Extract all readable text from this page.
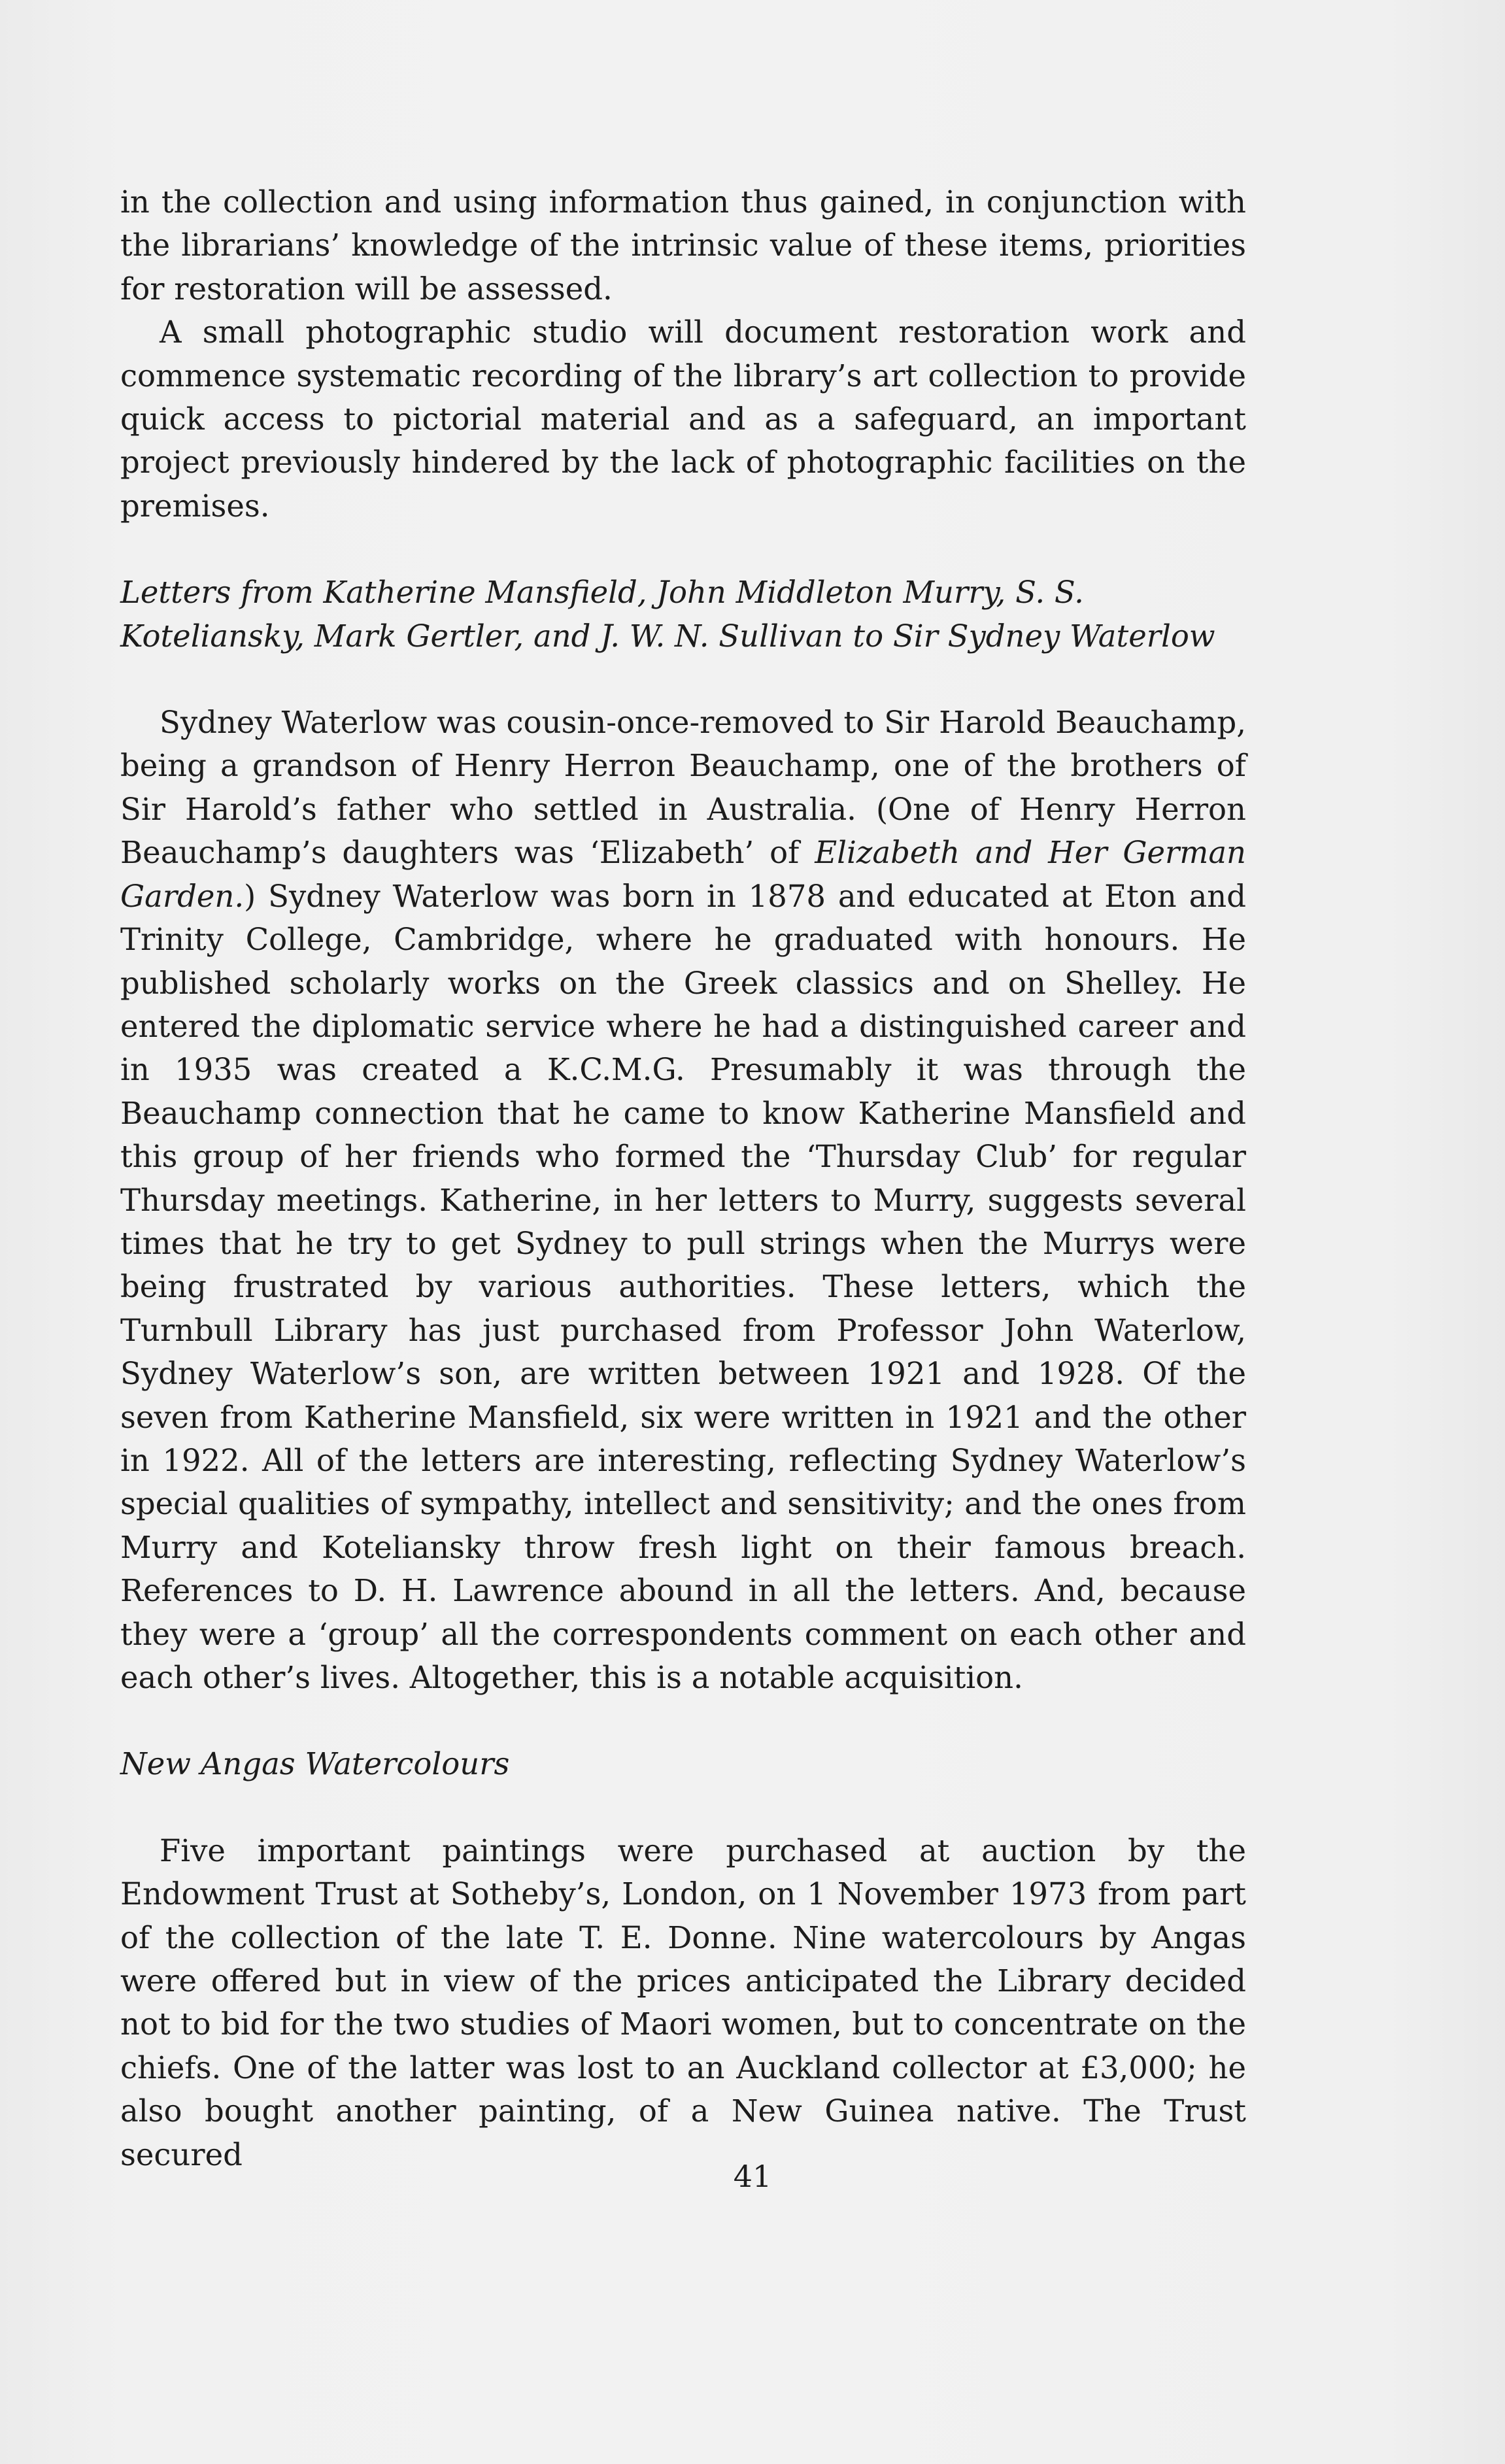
in the collection and using information thus gained, in conjunction with the librarians’ knowledge of the intrinsic value of these items, priorities for restoration will be assessed.

A small photographic studio will document restoration work and commence systematic recording of the library’s art collection to provide quick access to pictorial material and as a safeguard, an important project previously hindered by the lack of photographic facilities on the premises.

Letters from Katherine Mansfield, John Middleton Murry, S. S. Koteliansky, Mark Gertler, and J. W. N. Sullivan to Sir Sydney Waterlow

Sydney Waterlow was cousin-once-removed to Sir Harold Beauchamp, being a grandson of Henry Herron Beauchamp, one of the brothers of Sir Harold’s father who settled in Australia. (One of Henry Herron Beauchamp’s daughters was ‘Elizabeth’ of Elizabeth and Her German Garden.) Sydney Waterlow was born in 1878 and educated at Eton and Trinity College, Cambridge, where he graduated with honours. He published scholarly works on the Greek classics and on Shelley. He entered the diplomatic service where he had a distinguished career and in 1935 was created a K.C.M.G. Presumably it was through the Beauchamp connection that he came to know Katherine Mansfield and this group of her friends who formed the ‘Thursday Club’ for regular Thursday meetings. Katherine, in her letters to Murry, suggests several times that he try to get Sydney to pull strings when the Murrys were being frustrated by various authorities. These letters, which the Turnbull Library has just purchased from Professor John Waterlow, Sydney Waterlow’s son, are written between 1921 and 1928. Of the seven from Katherine Mansfield, six were written in 1921 and the other in 1922. All of the letters are interesting, reflecting Sydney Waterlow’s special qualities of sympathy, intellect and sensitivity; and the ones from Murry and Koteliansky throw fresh light on their famous breach. References to D. H. Lawrence abound in all the letters. And, because they were a ‘group’ all the correspondents comment on each other and each other’s lives. Altogether, this is a notable acquisition.

New Angas Watercolours

Five important paintings were purchased at auction by the Endowment Trust at Sotheby’s, London, on 1 November 1973 from part of the collection of the late T. E. Donne. Nine watercolours by Angas were offered but in view of the prices anticipated the Library decided not to bid for the two studies of Maori women, but to concentrate on the chiefs. One of the latter was lost to an Auckland collector at £3,000; he also bought another painting, of a New Guinea native. The Trust secured

41
